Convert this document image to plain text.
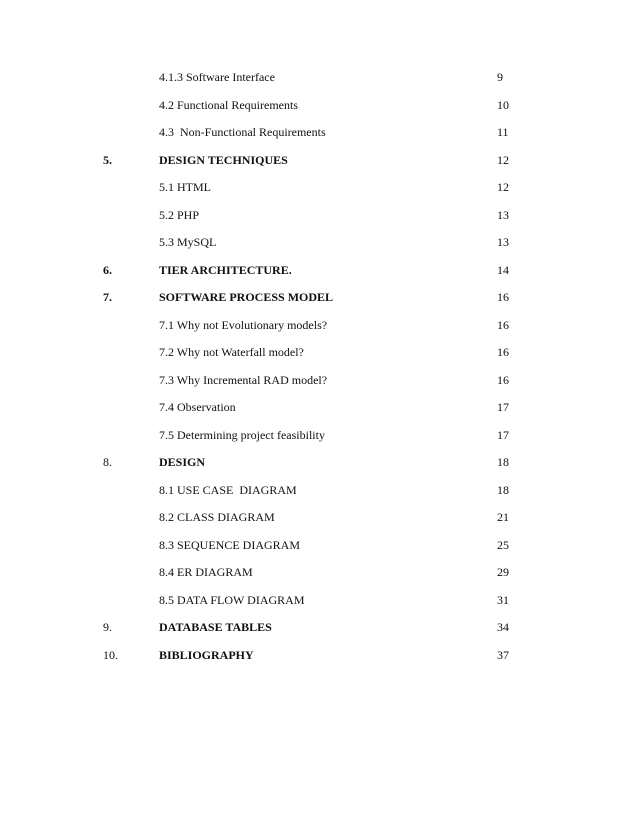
4.1.3 Software Interface	9
4.2 Functional Requirements	10
4.3  Non-Functional Requirements	11
5.	DESIGN TECHNIQUES	12
5.1 HTML	12
5.2 PHP	13
5.3 MySQL	13
6.	TIER ARCHITECTURE.	14
7.	SOFTWARE PROCESS MODEL	16
7.1 Why not Evolutionary models?	16
7.2 Why not Waterfall model?	16
7.3 Why Incremental RAD model?	16
7.4 Observation	17
7.5 Determining project feasibility	17
8.	DESIGN	18
8.1 USE CASE  DIAGRAM	18
8.2 CLASS DIAGRAM	21
8.3 SEQUENCE DIAGRAM	25
8.4 ER DIAGRAM	29
8.5 DATA FLOW DIAGRAM	31
9.	DATABASE TABLES	34
10.	BIBLIOGRAPHY	37
